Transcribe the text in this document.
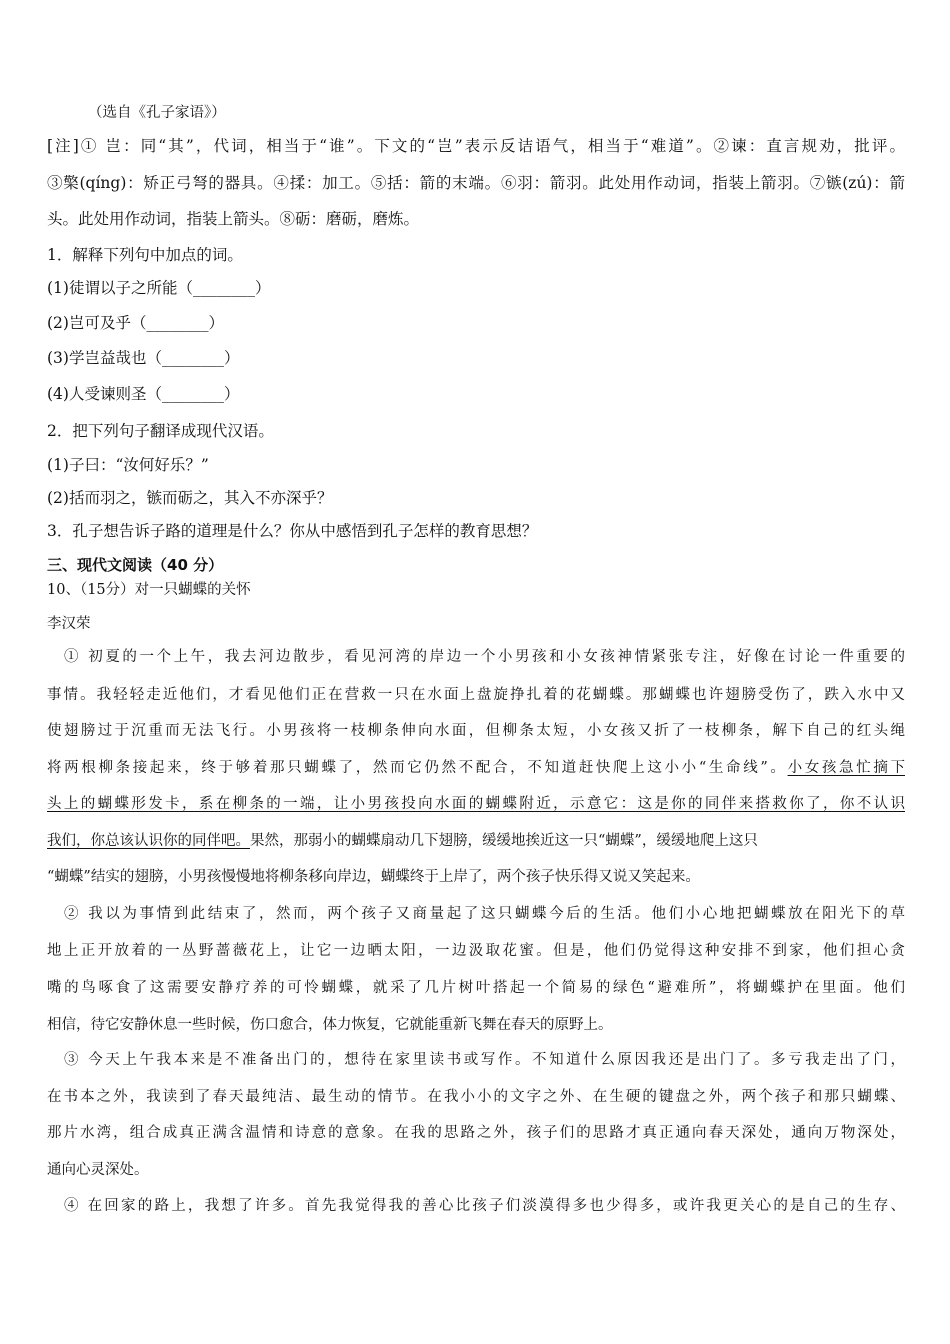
（选自《孔子家语》）

[注]① 岂：同“其”，代词，相当于“谁”。下文的“岂”表示反诘语气，相当于“难道”。②谏：直言规劝，批评。

③檠(qíng)：矫正弓弩的器具。④揉：加工。⑤括：箭的末端。⑥羽：箭羽。此处用作动词，指装上箭羽。⑦镞(zú)：箭

头。此处用作动词，指装上箭头。⑧砺：磨砺，磨炼。

1．解释下列句中加点的词。

(1)徒谓以子之所能（________）

(2)岂可及乎（________）

(3)学岂益哉也（________）

(4)人受谏则圣（________）

2．把下列句子翻译成现代汉语。

(1)子曰：“汝何好乐？”

(2)括而羽之，镞而砺之，其入不亦深乎？

3．孔子想告诉子路的道理是什么？你从中感悟到孔子怎样的教育思想？

三、现代文阅读（40 分）

10、（15分）对一只蝴蝶的关怀

李汉荣

① 初夏的一个上午，我去河边散步，看见河湾的岸边一个小男孩和小女孩神情紧张专注，好像在讨论一件重要的

事情。我轻轻走近他们，才看见他们正在营救一只在水面上盘旋挣扎着的花蝴蝶。那蝴蝶也许翅膀受伤了，跌入水中又

使翅膀过于沉重而无法飞行。小男孩将一枝柳条伸向水面，但柳条太短，小女孩又折了一枝柳条，解下自己的红头绳

将两根柳条接起来，终于够着那只蝴蝶了，然而它仍然不配合，不知道赶快爬上这小小“生命线”。小女孩急忙摘下

头上的蝴蝶形发卡，系在柳条的一端，让小男孩投向水面的蝴蝶附近，示意它：这是你的同伴来搭救你了，你不认识

我们，你总该认识你的同伴吧。果然，那弱小的蝴蝶扇动几下翅膀，缓缓地挨近这一只“蝴蝶”，缓缓地爬上这只

“蝴蝶”结实的翅膀，小男孩慢慢地将柳条移向岸边，蝴蝶终于上岸了，两个孩子快乐得又说又笑起来。

② 我以为事情到此结束了，然而，两个孩子又商量起了这只蝴蝶今后的生活。他们小心地把蝴蝶放在阳光下的草

地上正开放着的一丛野蔷薇花上，让它一边晒太阳，一边汲取花蜜。但是，他们仍觉得这种安排不到家，他们担心贪

嘴的鸟啄食了这需要安静疗养的可怜蝴蝶，就采了几片树叶搭起一个简易的绿色“避难所”，将蝴蝶护在里面。他们

相信，待它安静休息一些时候，伤口愈合，体力恢复，它就能重新飞舞在春天的原野上。

③ 今天上午我本来是不准备出门的，想待在家里读书或写作。不知道什么原因我还是出门了。多亏我走出了门，

在书本之外，我读到了春天最纯洁、最生动的情节。在我小小的文字之外、在生硬的键盘之外，两个孩子和那只蝴蝶、

那片水湾，组合成真正满含温情和诗意的意象。在我的思路之外，孩子们的思路才真正通向春天深处，通向万物深处，

通向心灵深处。

④ 在回家的路上，我想了许多。首先我觉得我的善心比孩子们淡漠得多也少得多，或许我更关心的是自己的生存、
